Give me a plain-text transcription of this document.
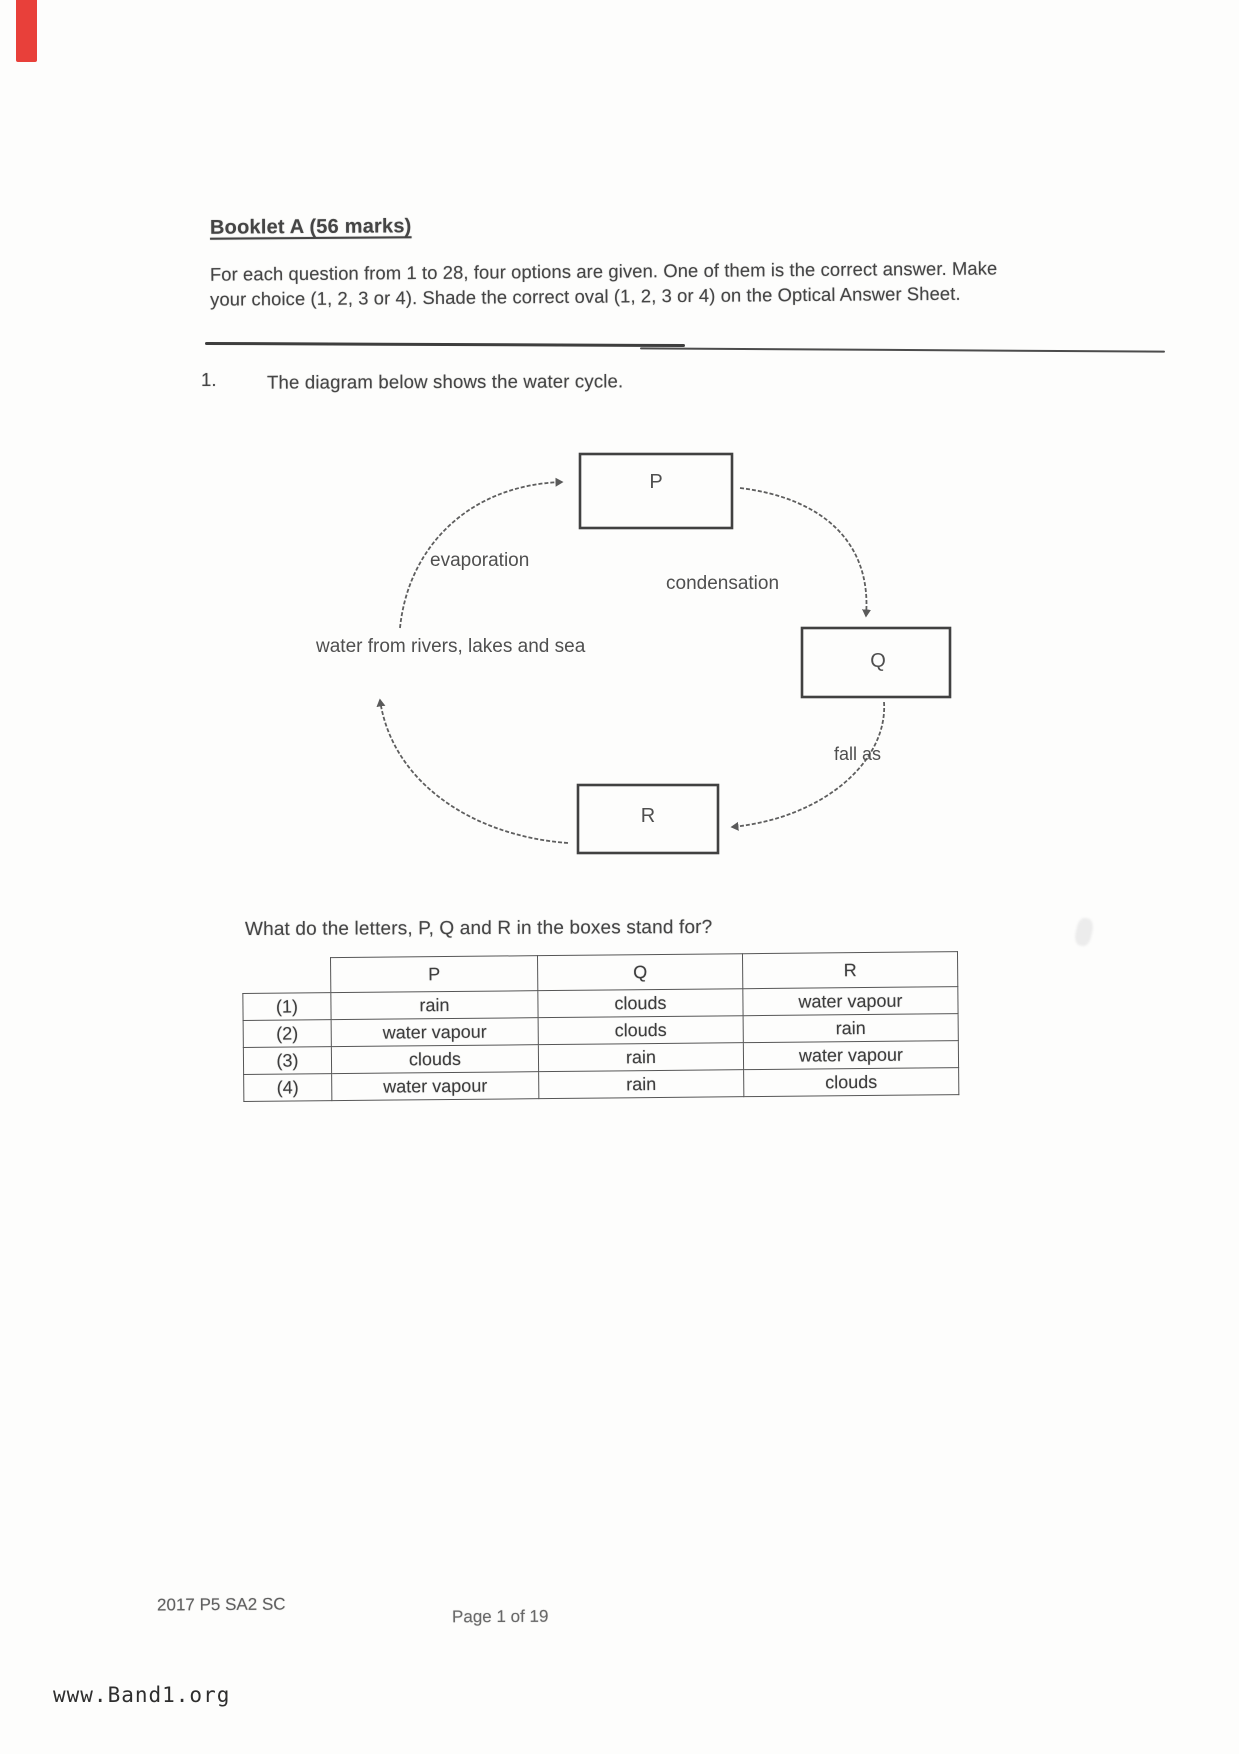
Booklet A (56 marks)
For each question from 1 to 28, four options are given. One of them is the correct answer. Make
your choice (1, 2, 3 or 4). Shade the correct oval (1, 2, 3 or 4) on the Optical Answer Sheet.
1.	The diagram below shows the water cycle.
P
Q
R
evaporation
condensation
water from rivers, lakes and sea
fall as
What do the letters, P, Q and R in the boxes stand for?
	P	Q	R
(1)	rain	clouds	water vapour
(2)	water vapour	clouds	rain
(3)	clouds	rain	water vapour
(4)	water vapour	rain	clouds
2017 P5 SA2 SC
Page 1 of 19
www.Band1.org
